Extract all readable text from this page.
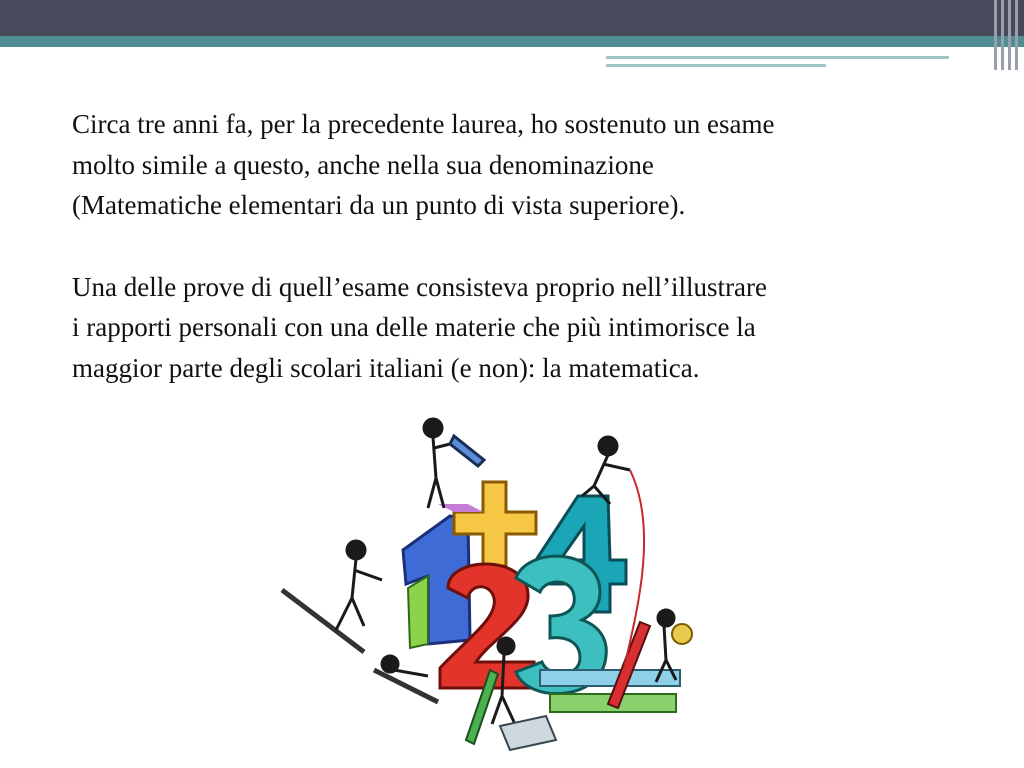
Circa tre anni fa, per la precedente laurea, ho sostenuto un esame
molto simile a questo, anche nella sua denominazione
(Matematiche elementari da un punto di vista superiore).

Una delle prove di quell’esame consisteva proprio nell’illustrare
i rapporti personali con una delle materie che più intimorisce la
maggior parte degli scolari italiani (e non): la matematica.
